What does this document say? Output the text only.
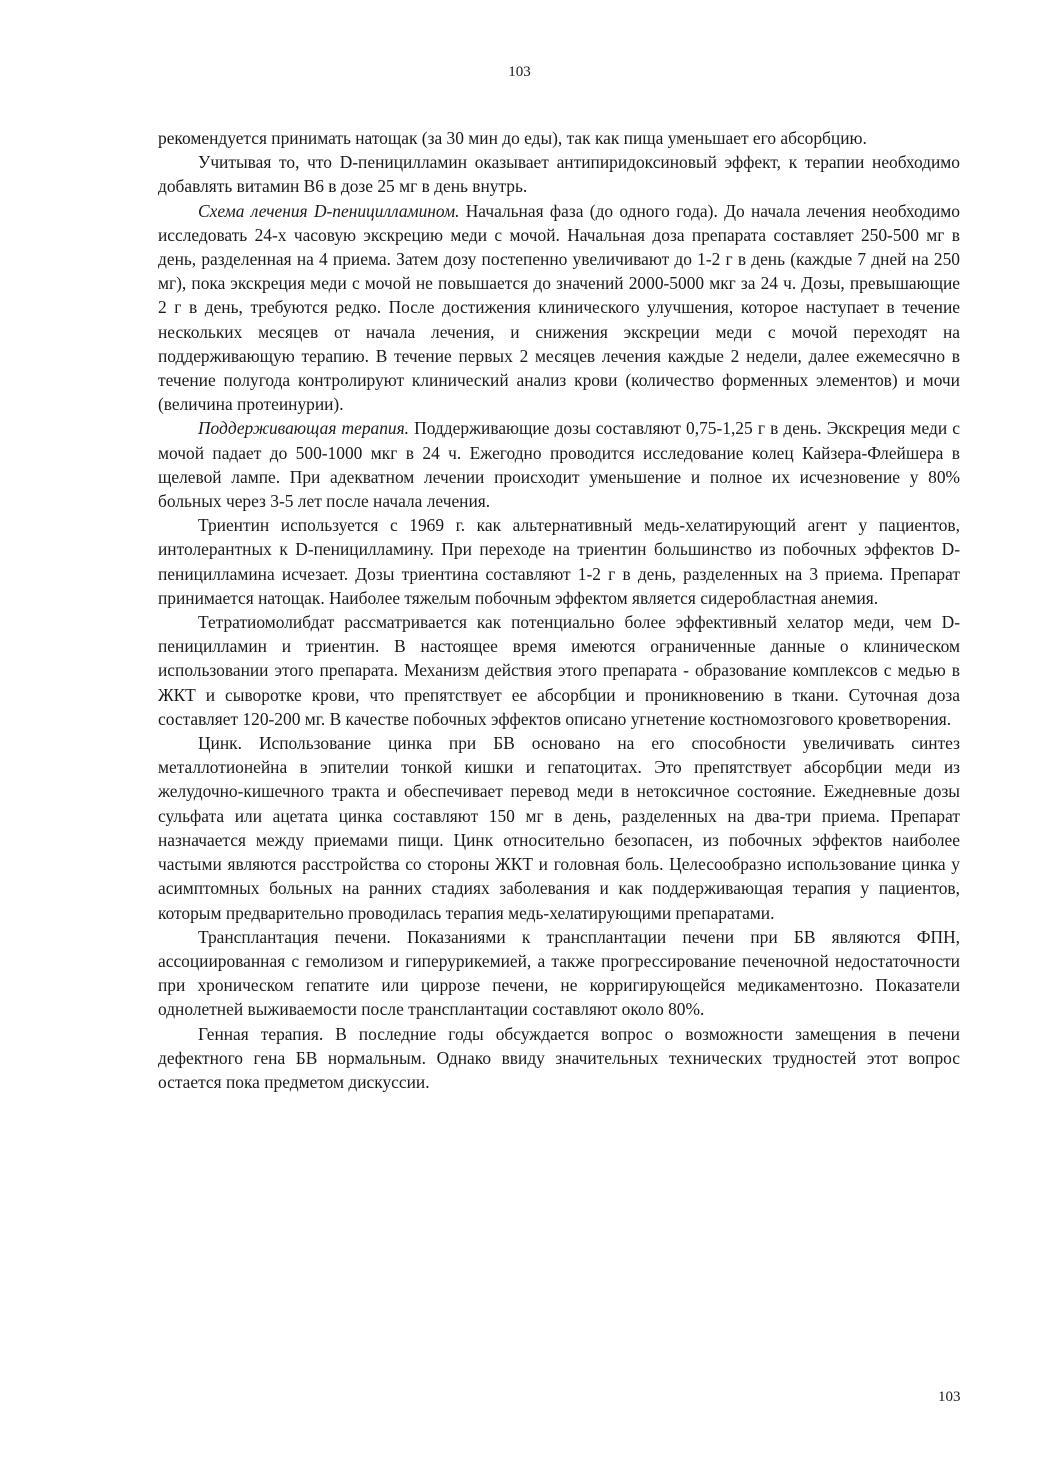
103

рекомендуется принимать натощак (за 30 мин до еды), так как пища уменьшает его абсорбцию.

Учитывая то, что D-пеницилламин оказывает антипиридоксиновый эффект, к терапии необходимо добавлять витамин В6 в дозе 25 мг в день внутрь.

Схема лечения D-пеницилламином. Начальная фаза (до одного года). До начала лечения необходимо исследовать 24-х часовую экскрецию меди с мочой. Начальная доза препарата составляет 250-500 мг в день, разделенная на 4 приема. Затем дозу постепенно увеличивают до 1-2 г в день (каждые 7 дней на 250 мг), пока экскреция меди с мочой не повышается до значений 2000-5000 мкг за 24 ч. Дозы, превышающие 2 г в день, требуются редко. После достижения клинического улучшения, которое наступает в течение нескольких месяцев от начала лечения, и снижения экскреции меди с мочой переходят на поддерживающую терапию. В течение первых 2 месяцев лечения каждые 2 недели, далее ежемесячно в течение полугода контролируют клинический анализ крови (количество форменных элементов) и мочи (величина протеинурии).

Поддерживающая терапия. Поддерживающие дозы составляют 0,75-1,25 г в день. Экскреция меди с мочой падает до 500-1000 мкг в 24 ч. Ежегодно проводится исследование колец Кайзера-Флейшера в щелевой лампе. При адекватном лечении происходит уменьшение и полное их исчезновение у 80% больных через 3-5 лет после начала лечения.

Триентин используется с 1969 г. как альтернативный медь-хелатирующий агент у пациентов, интолерантных к D-пеницилламину. При переходе на триентин большинство из побочных эффектов D-пеницилламина исчезает. Дозы триентина составляют 1-2 г в день, разделенных на 3 приема. Препарат принимается натощак. Наиболее тяжелым побочным эффектом является сидеробластная анемия.

Тетратиомолибдат рассматривается как потенциально более эффективный хелатор меди, чем D-пеницилламин и триентин. В настоящее время имеются ограниченные данные о клиническом использовании этого препарата. Механизм действия этого препарата - образование комплексов с медью в ЖКТ и сыворотке крови, что препятствует ее абсорбции и проникновению в ткани. Суточная доза составляет 120-200 мг. В качестве побочных эффектов описано угнетение костномозгового кроветворения.

Цинк. Использование цинка при БВ основано на его способности увеличивать синтез металлотионейна в эпителии тонкой кишки и гепатоцитах. Это препятствует абсорбции меди из желудочно-кишечного тракта и обеспечивает перевод меди в нетоксичное состояние. Ежедневные дозы сульфата или ацетата цинка составляют 150 мг в день, разделенных на два-три приема. Препарат назначается между приемами пищи. Цинк относительно безопасен, из побочных эффектов наиболее частыми являются расстройства со стороны ЖКТ и головная боль. Целесообразно использование цинка у асимптомных больных на ранних стадиях заболевания и как поддерживающая терапия у пациентов, которым предварительно проводилась терапия медь-хелатирующими препаратами.

Трансплантация печени. Показаниями к трансплантации печени при БВ являются ФПН, ассоциированная с гемолизом и гиперурикемией, а также прогрессирование печеночной недостаточности при хроническом гепатите или циррозе печени, не корригирующейся медикаментозно. Показатели однолетней выживаемости после трансплантации составляют около 80%.

Генная терапия. В последние годы обсуждается вопрос о возможности замещения в печени дефектного гена БВ нормальным. Однако ввиду значительных технических трудностей этот вопрос остается пока предметом дискуссии.

103
